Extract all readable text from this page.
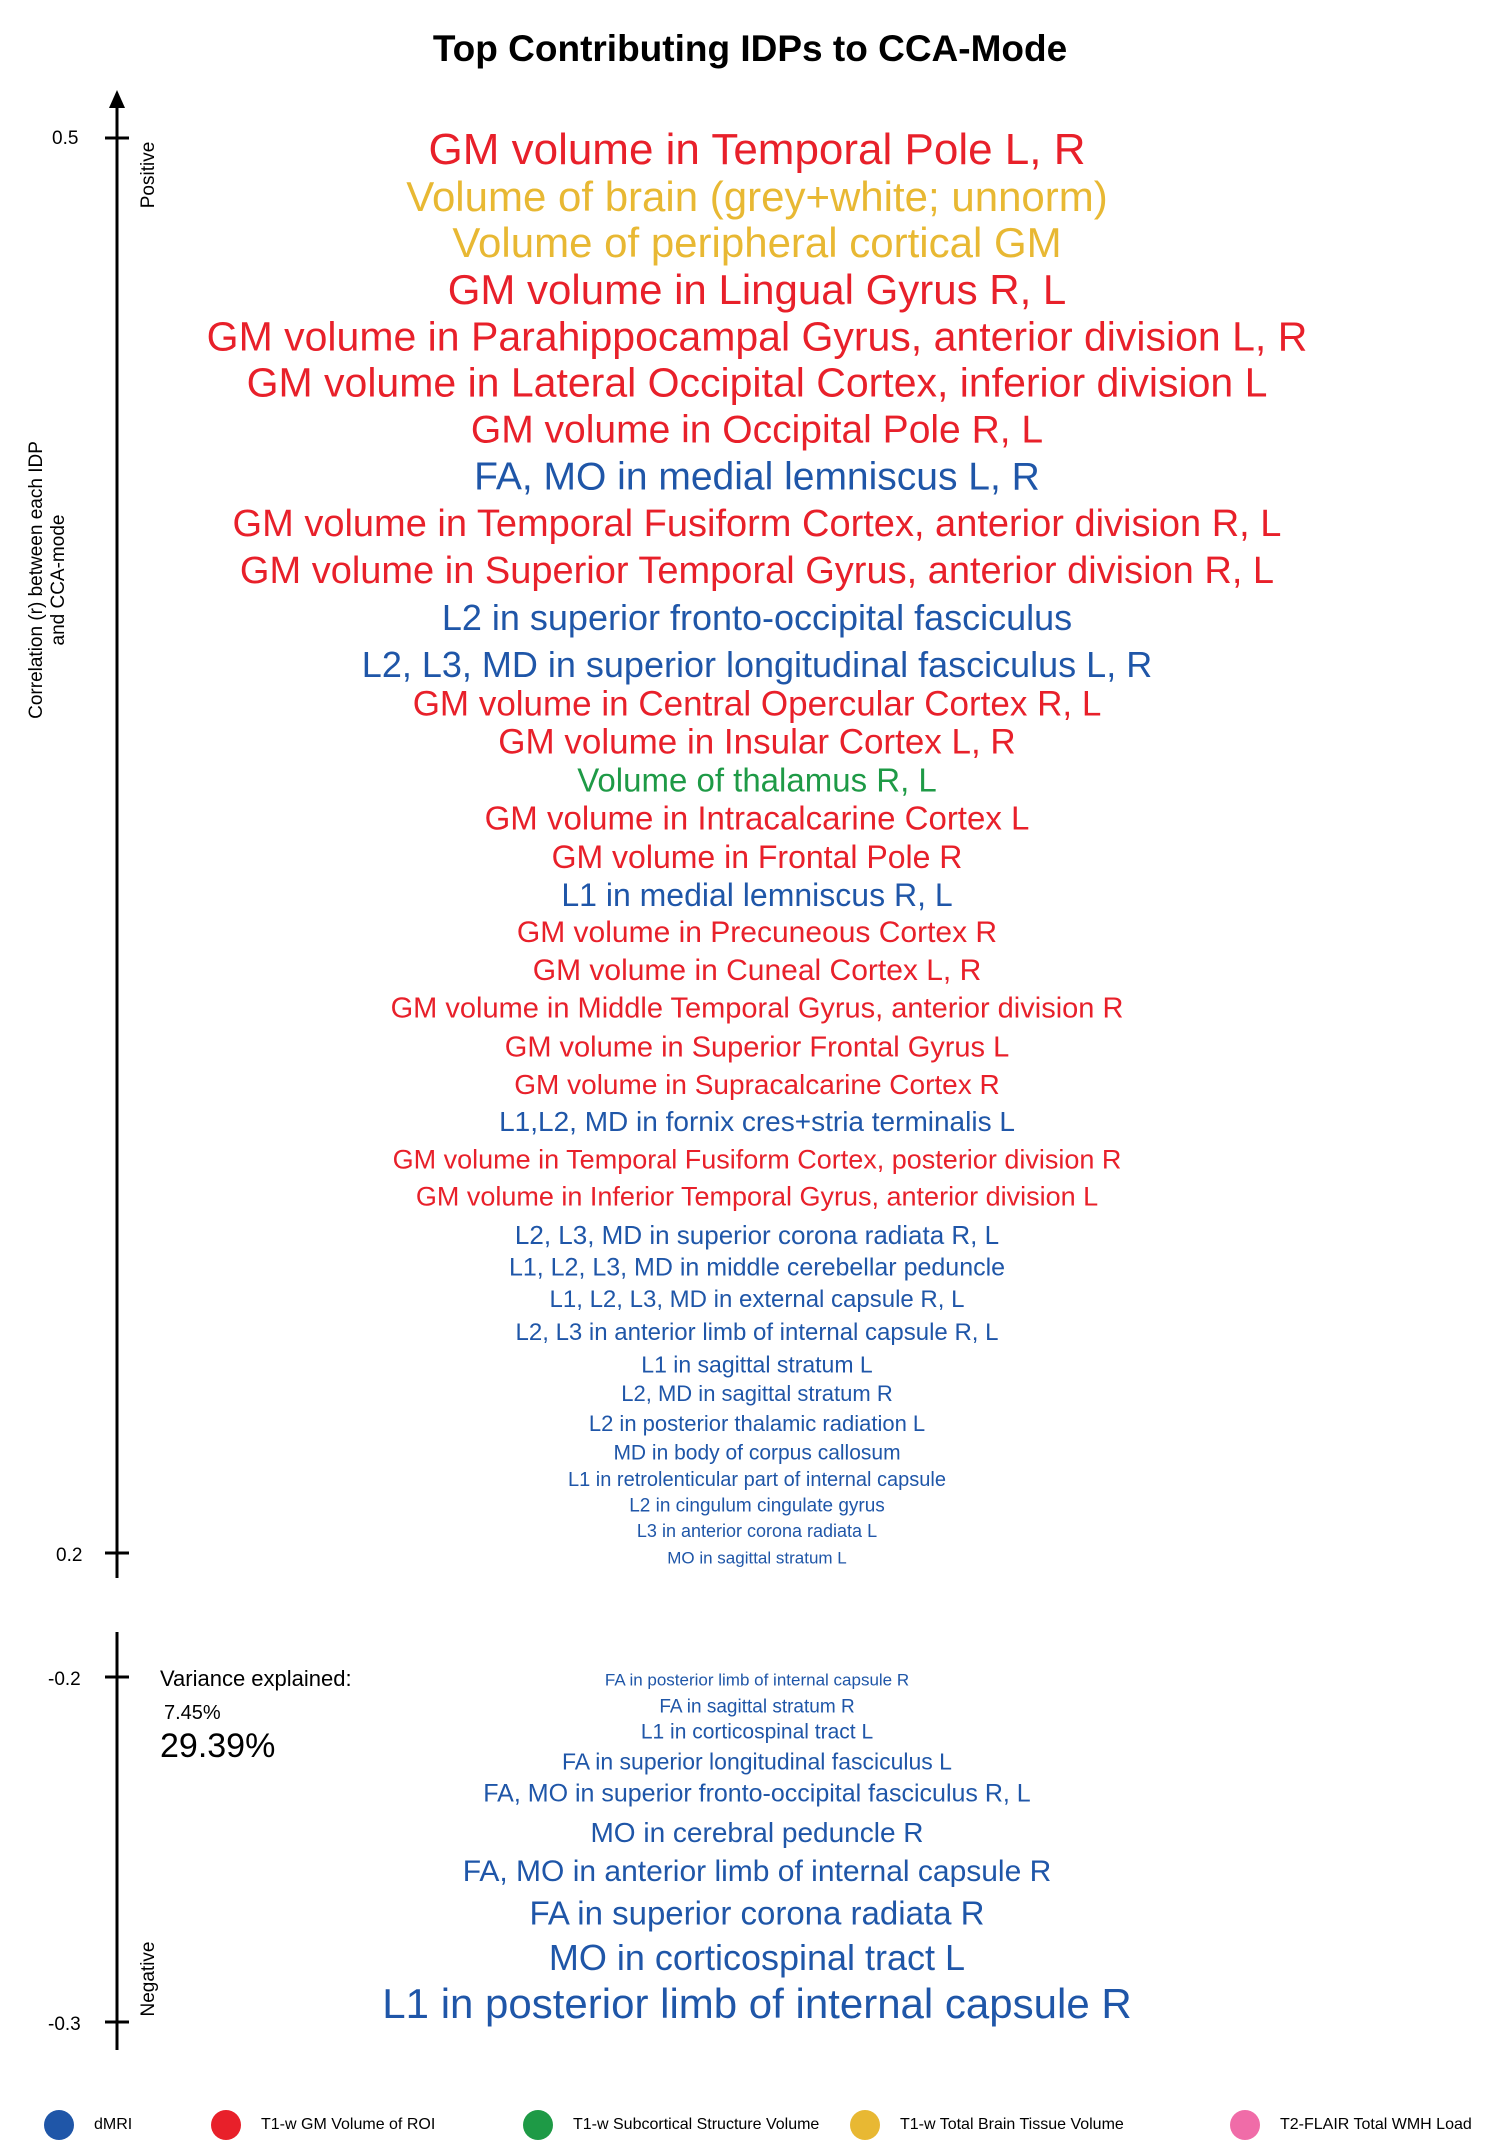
Top Contributing IDPs to CCA-Mode
0.5
0.2
-0.2
-0.3
Positive
Negative
Correlation (r) between each IDP and CCA-mode
GM volume in Temporal Pole L, R
Volume of brain (grey+white; unnorm)
Volume of peripheral cortical GM
GM volume in Lingual Gyrus R, L
GM volume in Parahippocampal Gyrus, anterior division L, R
GM volume in Lateral Occipital Cortex, inferior division L
GM volume in Occipital Pole R, L
FA, MO in medial lemniscus L, R
GM volume in Temporal Fusiform Cortex, anterior division R, L
GM volume in Superior Temporal Gyrus, anterior division R, L
L2 in superior fronto-occipital fasciculus
L2, L3, MD in superior longitudinal fasciculus L, R
GM volume in Central Opercular Cortex R, L
GM volume in Insular Cortex L, R
Volume of thalamus R, L
GM volume in Intracalcarine Cortex L
GM volume in Frontal Pole R
L1 in medial lemniscus R, L
GM volume in Precuneous Cortex R
GM volume in Cuneal Cortex L, R
GM volume in Middle Temporal Gyrus, anterior division R
GM volume in Superior Frontal Gyrus L
GM volume in Supracalcarine Cortex R
L1,L2, MD in fornix cres+stria terminalis L
GM volume in Temporal Fusiform Cortex, posterior division R
GM volume in Inferior Temporal Gyrus, anterior division L
L2, L3, MD in superior corona radiata R, L
L1, L2, L3, MD in middle cerebellar peduncle
L1, L2, L3, MD in external capsule R, L
L2, L3 in anterior limb of internal capsule R, L
L1 in sagittal stratum L
L2, MD in sagittal stratum R
L2 in posterior thalamic radiation L
MD in body of corpus callosum
L1 in retrolenticular part of internal capsule
L2 in cingulum cingulate gyrus
L3 in anterior corona radiata L
MO in sagittal stratum L
FA in posterior limb of internal capsule R
FA in sagittal stratum R
L1 in corticospinal tract L
FA in superior longitudinal fasciculus L
FA, MO in superior fronto-occipital fasciculus R, L
MO in cerebral peduncle R
FA, MO in anterior limb of internal capsule R
FA in superior corona radiata R
MO in corticospinal tract L
L1 in posterior limb of internal capsule R
Variance explained:
7.45%
29.39%
dMRI	T1-w GM Volume of ROI	T1-w Subcortical Structure Volume	T1-w Total Brain Tissue Volume	T2-FLAIR Total WMH Load
